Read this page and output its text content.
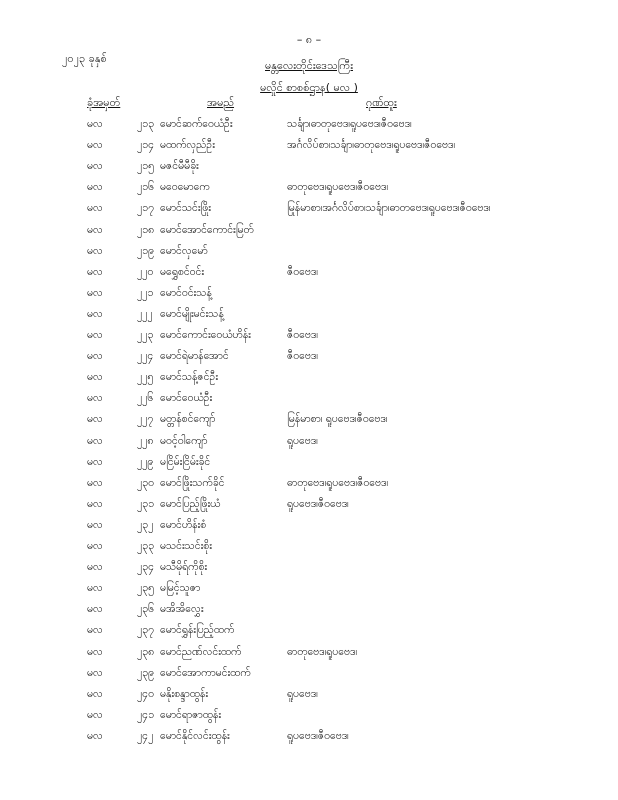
– ၈ –
၂၀၂၃ ခုနှစ်
မန္တလေးတိုင်းဒေသကြီး
မလှိုင် စာစစ်ဌာန( မလ )
ခုံအမှတ်	အမည်	ဂုဏ်ထူး
မလ	၂၁၃ မောင်ဆက်ဝေယံဦး	သင်္ချာ၊ဓာတုဗေဒ၊ရူပဗေဒ၊ဇီဝဗေဒ၊
မလ	၂၁၄ မထက်လှည်ဦး	အင်္ဂလိပ်စာ၊သင်္ချာ၊ဓာတုဗေဒ၊ရူပဗေဒ၊ဇီဝဗေဒ၊
မလ	၂၁၅ မဇင်မီမီခိုး
မလ	၂၁၆ မဝေမောကေ	ဓာတုဗေဒ၊ရူပဗေဒ၊ဇီဝဗေဒ၊
မလ	၂၁၇ မောင်သင်းဖြိုး	မြန်မာစာ၊အင်္ဂလိပ်စာ၊သင်္ချာ၊ဓာတုဗေဒ၊ရူပဗေဒ၊ဇီဝဗေဒ၊
မလ	၂၁၈ မောင်အောင်ကောင်းမြတ်
မလ	၂၁၉ မောင်လှမော်
မလ	၂၂၀ မရွှေစင်ဝင်း	ဇီဝဗေဒ၊
မလ	၂၂၁ မောင်ဝင်းသန့်
မလ	၂၂၂ မောင်မျိုးမင်းသန့်
မလ	၂၂၃ မောင်ကောင်းဝေယံဟိန်း	ဇီဝဗေဒ၊
မလ	၂၂၄ မောင်ရဲမာန်အောင်	ဇီဝဗေဒ၊
မလ	၂၂၅ မောင်သန့်ဇင်ဦး
မလ	၂၂၆ မောင်ဝေယံဦး
မလ	၂၂၇ မတ္တန်စင်ကျော်	မြန်မာစာ၊ ရူပဗေဒ၊ဇီဝဗေဒ၊
မလ	၂၂၈ မဝင့်ဝါကျော်	ရူပဗေဒ၊
မလ	၂၂၉ မငြိမ်းငြိမ်းခိုင်
မလ	၂၃၀ မောင်ဖြိုးသက်ခိုင်	ဓာတုဗေဒ၊ရူပဗေဒ၊ဇီဝဗေဒ၊
မလ	၂၃၁ မောင်ပြည့်ဖြိုးယံ	ရူပဗေဒ၊ဇီဝဗေဒ၊
မလ	၂၃၂ မောင်ဟိန်းစံ
မလ	၂၃၃ မသင်းသင်းစိုး
မလ	၂၃၄ မသီမိုရ်ကိုစိုး
မလ	၂၃၅ မမြင့်သူဇာ
မလ	၂၃၆ မအိအိလွှေး
မလ	၂၃၇ မောင်ရွှန်းပြည့်ထက်
မလ	၂၃၈ မောင်ညဏ်လင်းထက်	ဓာတုဗေဒ၊ရူပဗေဒ၊
မလ	၂၃၉ မောင်အောကာမင်းထက်
မလ	၂၄၀ မနိုးစန္ဒာထွန်း	ရူပဗေဒ၊
မလ	၂၄၁ မောင်ရာဇာထွန်း
မလ	၂၄၂ မောင်နိုင်လင်းထွန်း	ရူပဗေဒ၊ဇီဝဗေဒ၊
